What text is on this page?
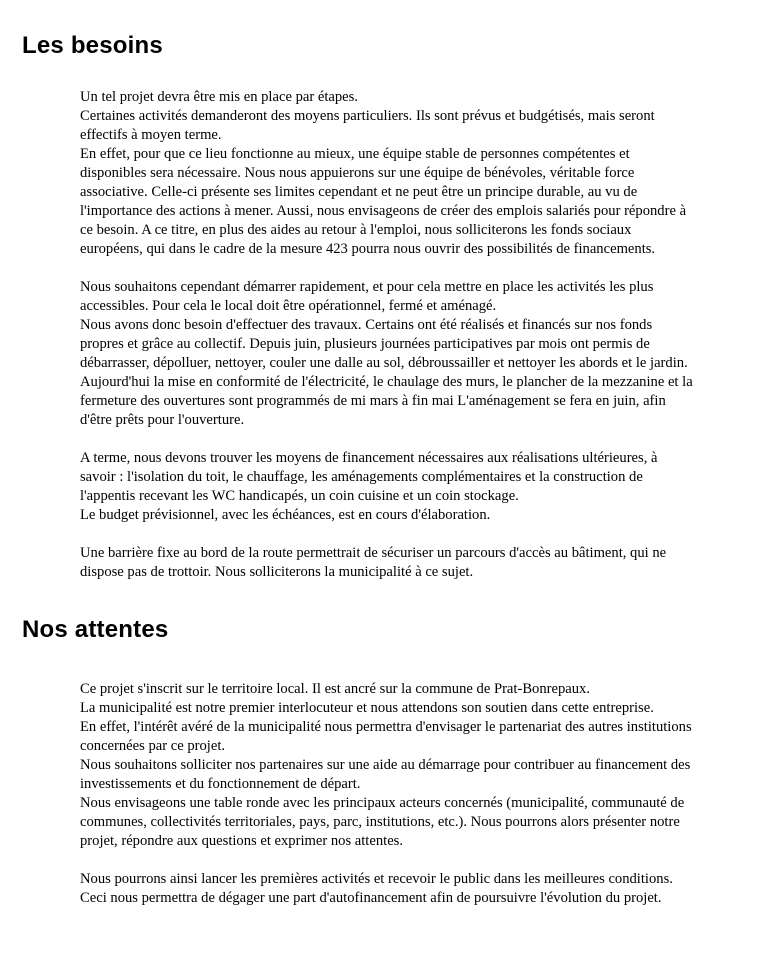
Les besoins

Un tel projet devra être mis en place par étapes.
Certaines activités demanderont des moyens particuliers. Ils sont prévus et budgétisés, mais seront
effectifs à moyen terme.
En effet, pour que ce lieu fonctionne au mieux, une équipe stable de personnes compétentes et
disponibles sera nécessaire. Nous nous appuierons sur une équipe de bénévoles, véritable force
associative. Celle-ci présente ses limites cependant et ne peut être un principe durable, au vu de
l'importance des actions à mener. Aussi, nous envisageons de créer des emplois salariés pour répondre à
ce besoin. A ce titre, en plus des aides au retour à l'emploi, nous solliciterons les fonds sociaux
européens, qui dans le cadre de la mesure 423 pourra nous ouvrir des possibilités de financements.

Nous souhaitons cependant démarrer rapidement, et pour cela mettre en place les activités les plus
accessibles. Pour cela le local doit être opérationnel, fermé et aménagé.
Nous avons donc besoin d'effectuer des travaux. Certains ont été réalisés et financés sur nos fonds
propres et grâce au collectif. Depuis juin, plusieurs journées participatives par mois ont permis de
débarrasser, dépolluer, nettoyer, couler une dalle au sol, débroussailler et nettoyer les abords et le jardin.
Aujourd'hui la mise en conformité de l'électricité, le chaulage des murs, le plancher de la mezzanine et la
fermeture des ouvertures sont programmés de mi mars à fin mai L'aménagement se fera en juin, afin
d'être prêts pour l'ouverture.

A terme, nous devons trouver les moyens de financement nécessaires aux réalisations ultérieures, à
savoir : l'isolation du toit, le chauffage, les aménagements complémentaires et la construction de
l'appentis recevant les WC handicapés, un coin cuisine et un coin stockage.
Le budget prévisionnel, avec les échéances, est en cours d'élaboration.

Une barrière fixe au bord de la route permettrait de sécuriser un parcours d'accès au bâtiment, qui ne
dispose pas de trottoir. Nous solliciterons la municipalité à ce sujet.

Nos attentes

Ce projet s'inscrit sur le territoire local. Il est ancré sur la commune de Prat-Bonrepaux.
La municipalité est notre premier interlocuteur et nous attendons son soutien dans cette entreprise.
En effet, l'intérêt avéré de la municipalité nous permettra d'envisager le partenariat des autres institutions
concernées par ce projet.
Nous souhaitons solliciter nos partenaires sur une aide au démarrage pour contribuer au financement des
investissements et du fonctionnement de départ.
Nous envisageons une table ronde avec les principaux acteurs concernés (municipalité, communauté de
communes, collectivités territoriales, pays, parc, institutions, etc.). Nous pourrons alors présenter notre
projet, répondre aux questions et exprimer nos attentes.

Nous pourrons ainsi lancer les premières activités et recevoir le public dans les meilleures conditions.
Ceci nous permettra de dégager une part d'autofinancement afin de poursuivre l'évolution du projet.
